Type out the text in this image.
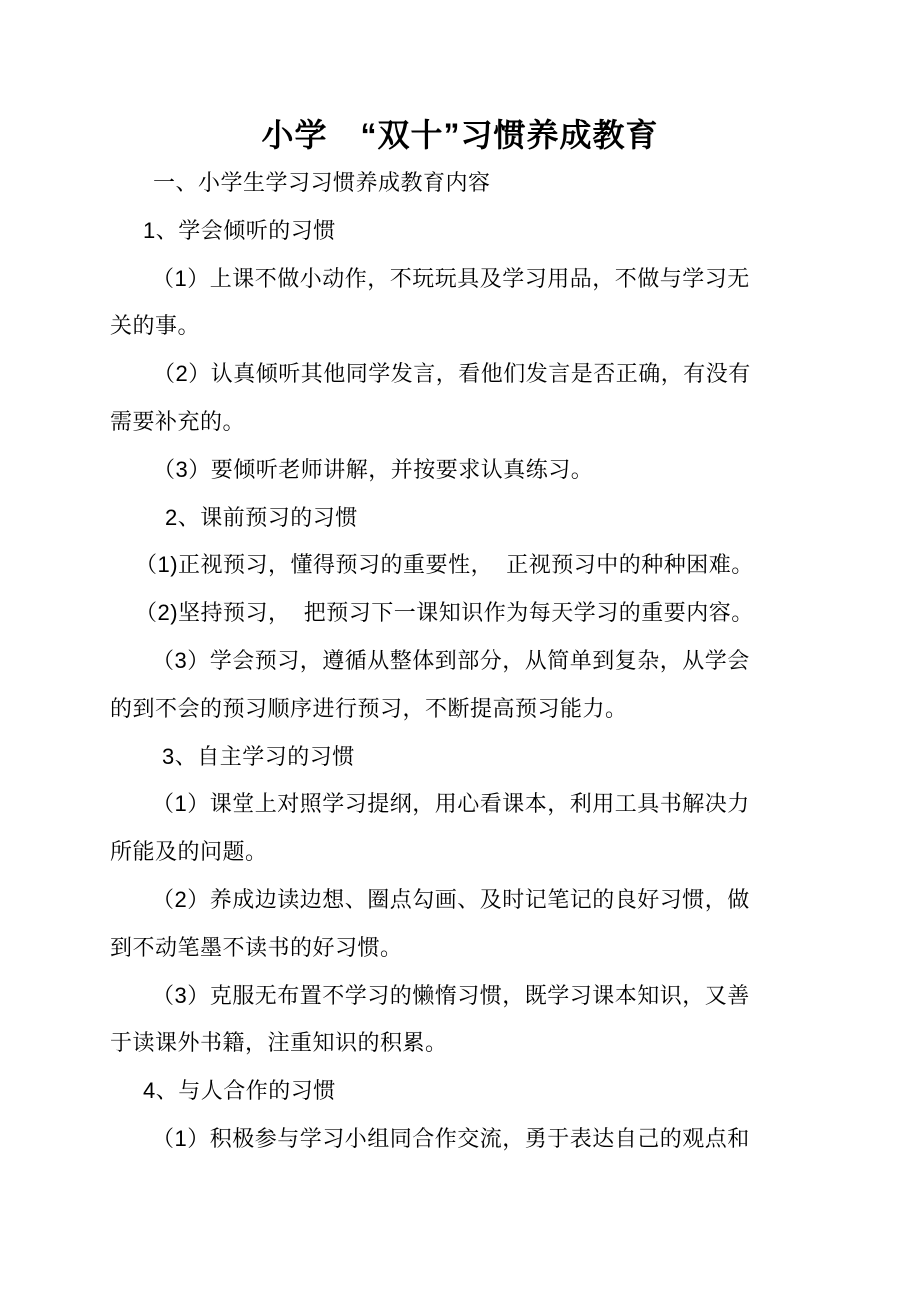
小学　“双十”习惯养成教育

一、小学生学习习惯养成教育内容

1、学会倾听的习惯

（1）上课不做小动作，不玩玩具及学习用品，不做与学习无

关的事。

（2）认真倾听其他同学发言，看他们发言是否正确，有没有

需要补充的。

（3）要倾听老师讲解，并按要求认真练习。

2、课前预习的习惯

（1)正视预习，懂得预习的重要性，  正视预习中的种种困难。

（2)坚持预习，  把预习下一课知识作为每天学习的重要内容。

（3）学会预习，遵循从整体到部分，从简单到复杂，从学会

的到不会的预习顺序进行预习，不断提高预习能力。

3、自主学习的习惯

（1）课堂上对照学习提纲，用心看课本，利用工具书解决力

所能及的问题。

（2）养成边读边想、圈点勾画、及时记笔记的良好习惯，做

到不动笔墨不读书的好习惯。

（3）克服无布置不学习的懒惰习惯，既学习课本知识，又善

于读课外书籍，注重知识的积累。

4、与人合作的习惯

（1）积极参与学习小组同合作交流，勇于表达自己的观点和
